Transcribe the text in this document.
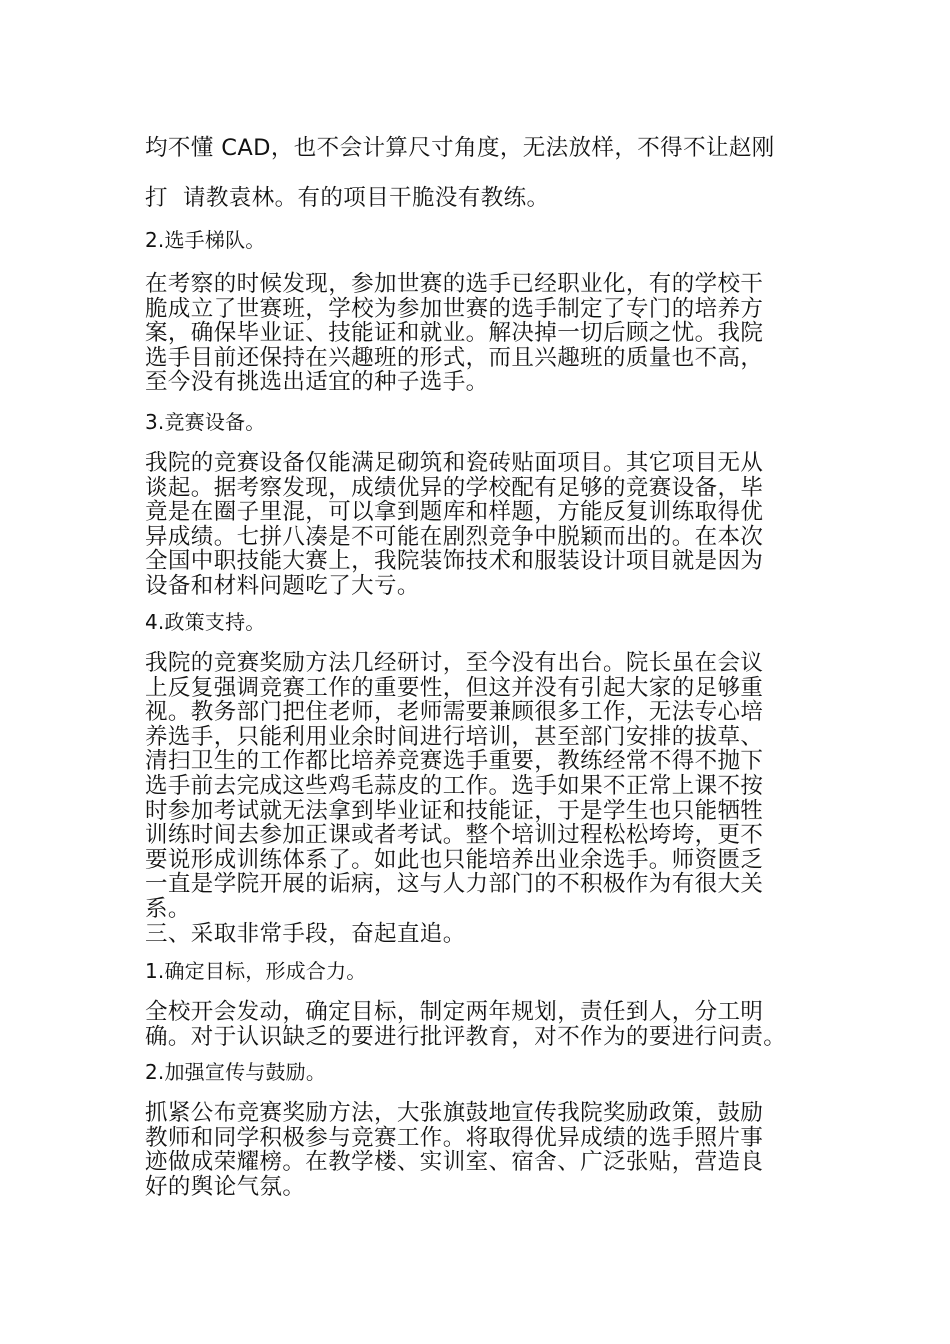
均不懂 CAD，也不会计算尺寸角度，无法放样，不得不让赵刚
打  请教袁林。有的项目干脆没有教练。
2.选手梯队。
在考察的时候发现，参加世赛的选手已经职业化，有的学校干
脆成立了世赛班，学校为参加世赛的选手制定了专门的培养方
案，确保毕业证、技能证和就业。解决掉一切后顾之忧。我院
选手目前还保持在兴趣班的形式，而且兴趣班的质量也不高，
至今没有挑选出适宜的种子选手。
3.竞赛设备。
我院的竞赛设备仅能满足砌筑和瓷砖贴面项目。其它项目无从
谈起。据考察发现，成绩优异的学校配有足够的竞赛设备，毕
竟是在圈子里混，可以拿到题库和样题，方能反复训练取得优
异成绩。七拼八凑是不可能在剧烈竞争中脱颖而出的。在本次
全国中职技能大赛上，我院装饰技术和服装设计项目就是因为
设备和材料问题吃了大亏。
4.政策支持。
我院的竞赛奖励方法几经研讨，至今没有出台。院长虽在会议
上反复强调竞赛工作的重要性，但这并没有引起大家的足够重
视。教务部门把住老师，老师需要兼顾很多工作，无法专心培
养选手，只能利用业余时间进行培训，甚至部门安排的拔草、
清扫卫生的工作都比培养竞赛选手重要，教练经常不得不抛下
选手前去完成这些鸡毛蒜皮的工作。选手如果不正常上课不按
时参加考试就无法拿到毕业证和技能证，于是学生也只能牺牲
训练时间去参加正课或者考试。整个培训过程松松垮垮，更不
要说形成训练体系了。如此也只能培养出业余选手。师资匮乏
一直是学院开展的诟病，这与人力部门的不积极作为有很大关
系。
三、采取非常手段，奋起直追。
1.确定目标，形成合力。
全校开会发动，确定目标，制定两年规划，责任到人，分工明
确。对于认识缺乏的要进行批评教育，对不作为的要进行问责。
2.加强宣传与鼓励。
抓紧公布竞赛奖励方法，大张旗鼓地宣传我院奖励政策，鼓励
教师和同学积极参与竞赛工作。将取得优异成绩的选手照片事
迹做成荣耀榜。在教学楼、实训室、宿舍、广泛张贴，营造良
好的舆论气氛。
